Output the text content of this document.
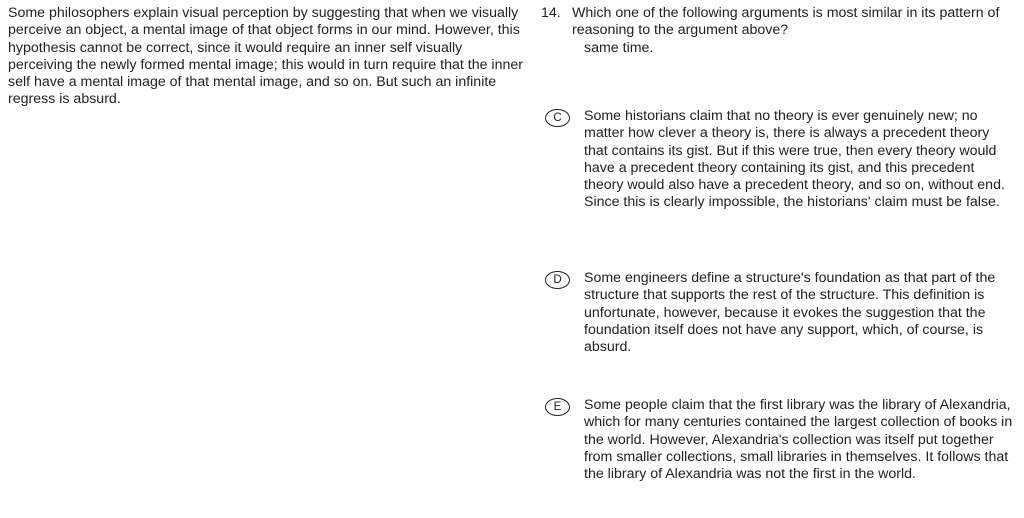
Some philosophers explain visual perception by suggesting that when we visually perceive an object, a mental image of that object forms in our mind. However, this hypothesis cannot be correct, since it would require an inner self visually perceiving the newly formed mental image; this would in turn require that the inner self have a mental image of that mental image, and so on. But such an infinite regress is absurd.

14. Which one of the following arguments is most similar in its pattern of reasoning to the argument above?
same time.
C	Some historians claim that no theory is ever genuinely new; no matter how clever a theory is, there is always a precedent theory that contains its gist. But if this were true, then every theory would have a precedent theory containing its gist, and this precedent theory would also have a precedent theory, and so on, without end. Since this is clearly impossible, the historians' claim must be false.

D	Some engineers define a structure's foundation as that part of the structure that supports the rest of the structure. This definition is unfortunate, however, because it evokes the suggestion that the foundation itself does not have any support, which, of course, is absurd.

E	Some people claim that the first library was the library of Alexandria, which for many centuries contained the largest collection of books in the world. However, Alexandria's collection was itself put together from smaller collections, small libraries in themselves. It follows that the library of Alexandria was not the first in the world.
